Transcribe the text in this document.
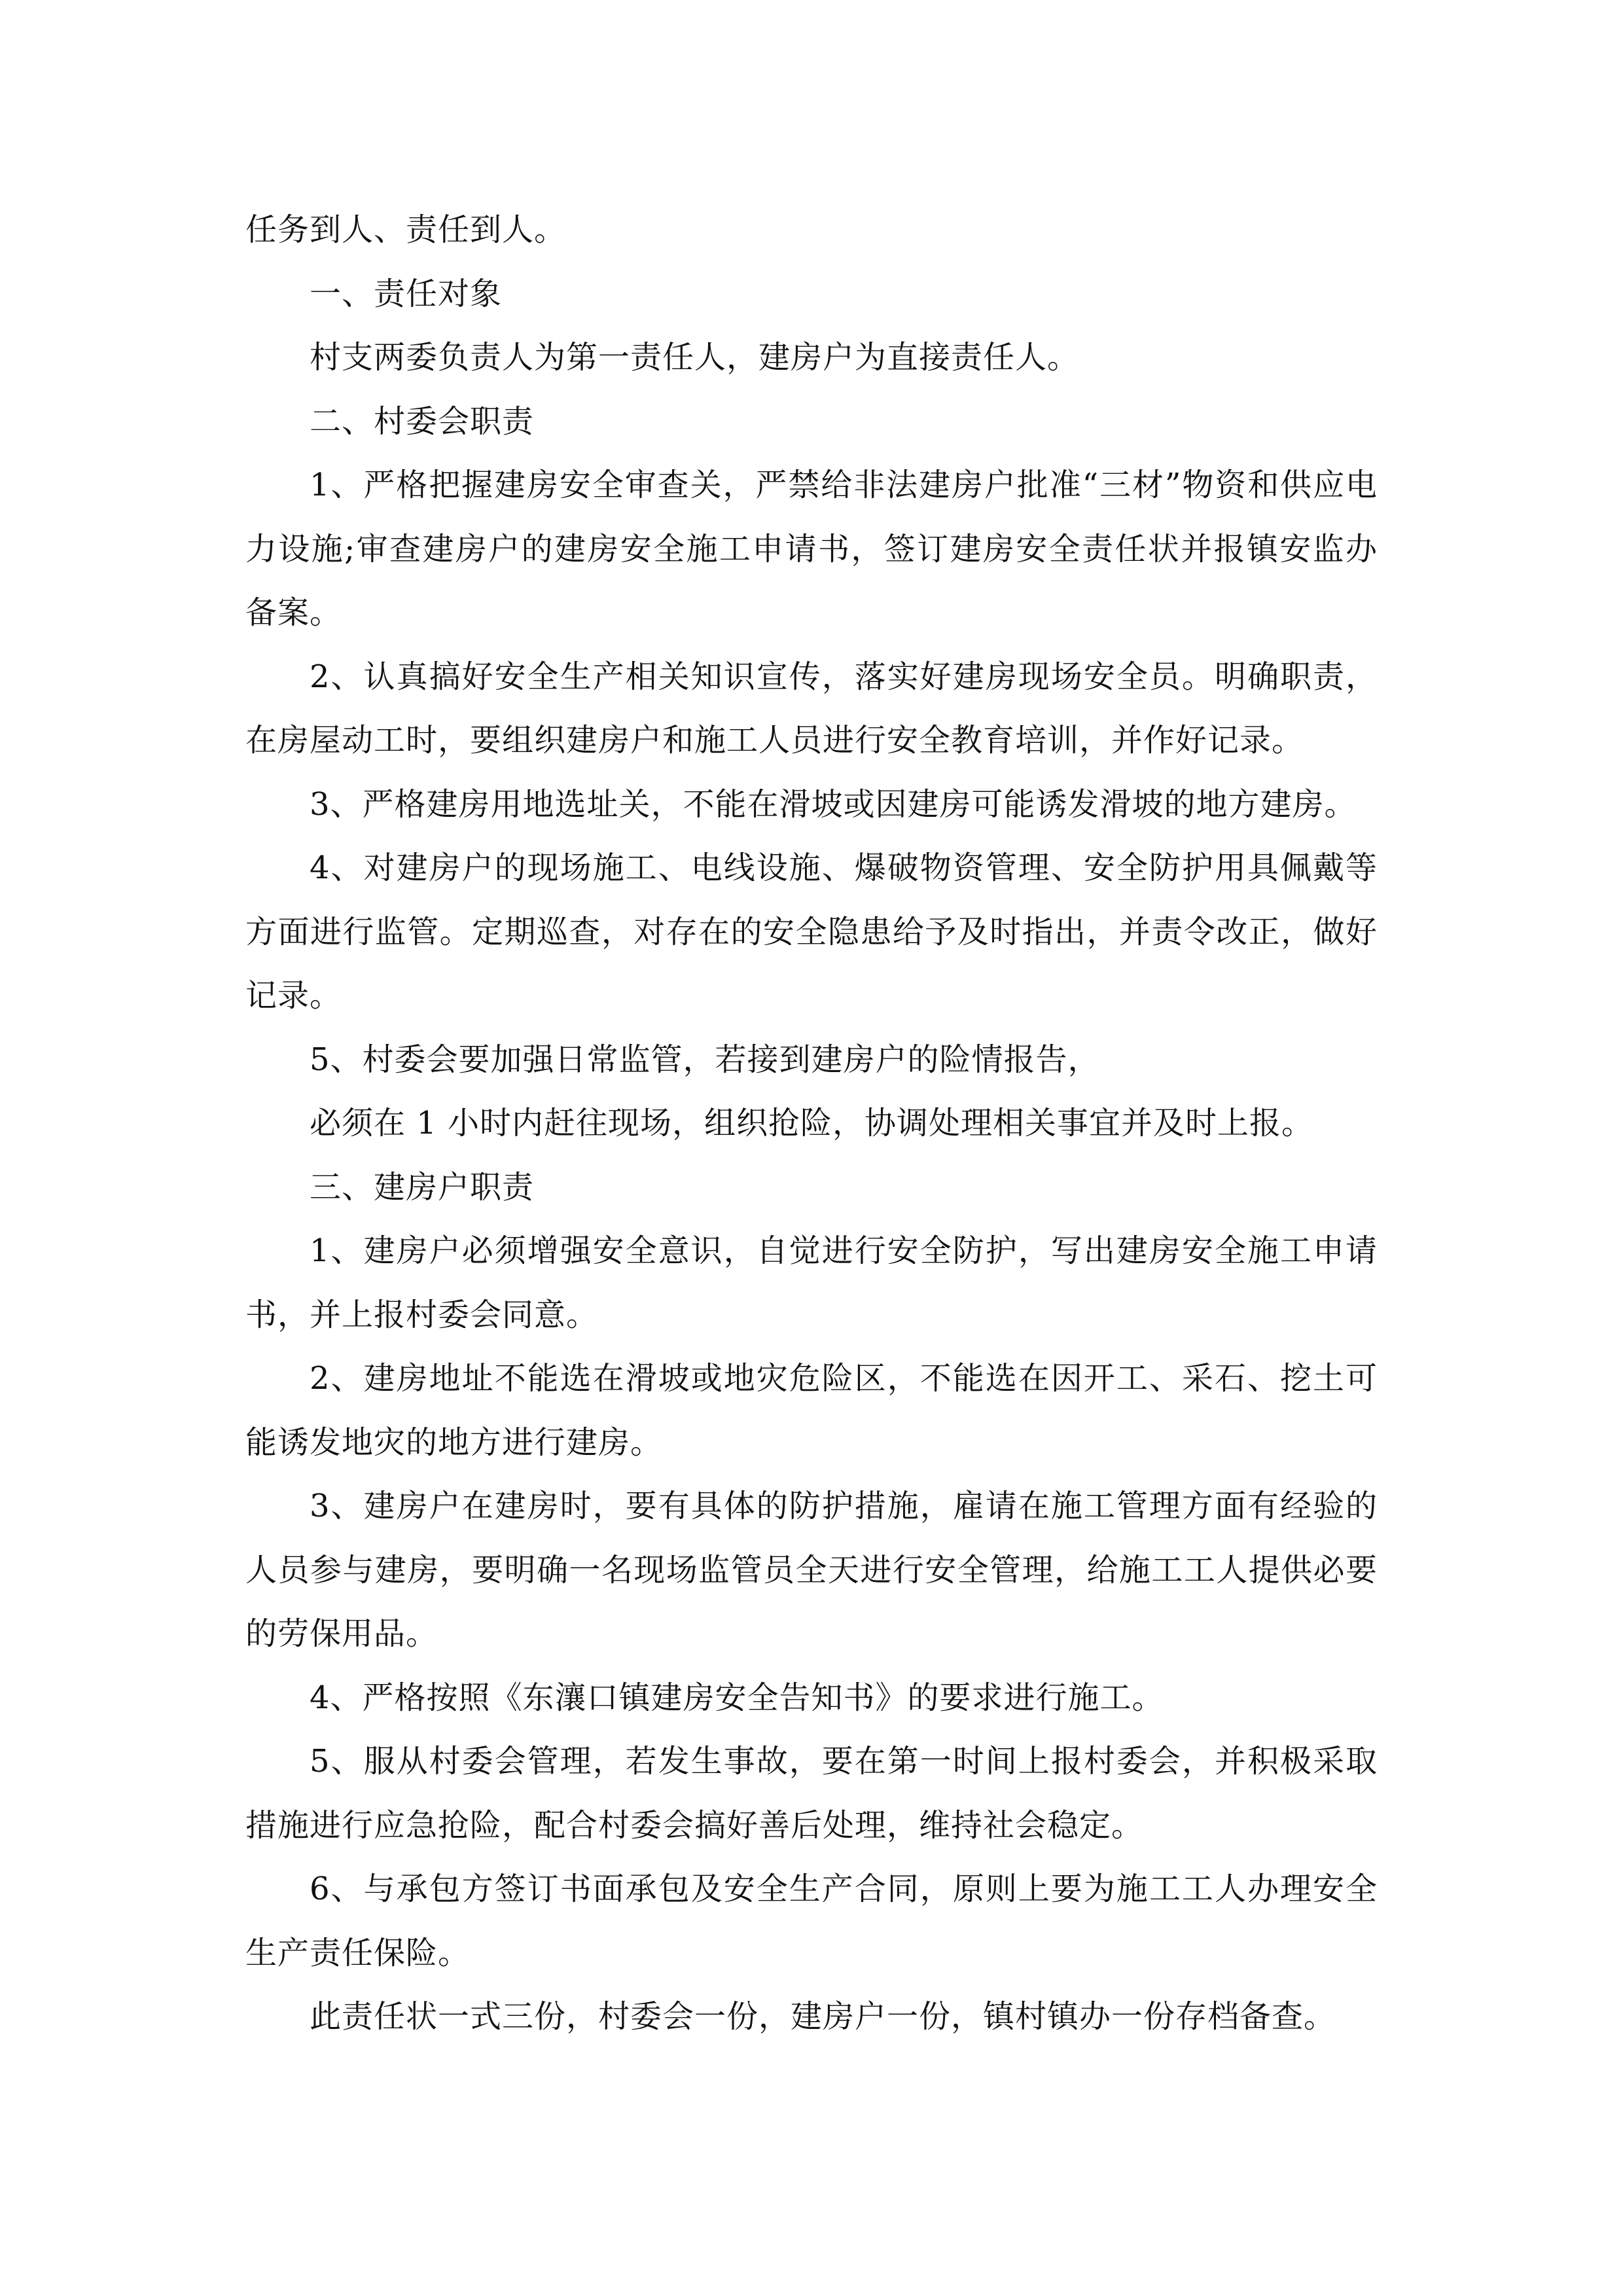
任务到人、责任到人。

一、责任对象

村支两委负责人为第一责任人，建房户为直接责任人。

二、村委会职责

1、严格把握建房安全审查关，严禁给非法建房户批准“三材”物资和供应电力设施;审查建房户的建房安全施工申请书，签订建房安全责任状并报镇安监办备案。

2、认真搞好安全生产相关知识宣传，落实好建房现场安全员。明确职责，在房屋动工时，要组织建房户和施工人员进行安全教育培训，并作好记录。

3、严格建房用地选址关，不能在滑坡或因建房可能诱发滑坡的地方建房。

4、对建房户的现场施工、电线设施、爆破物资管理、安全防护用具佩戴等方面进行监管。定期巡查，对存在的安全隐患给予及时指出，并责令改正，做好记录。

5、村委会要加强日常监管，若接到建房户的险情报告，

必须在 1 小时内赶往现场，组织抢险，协调处理相关事宜并及时上报。

三、建房户职责

1、建房户必须增强安全意识，自觉进行安全防护，写出建房安全施工申请书，并上报村委会同意。

2、建房地址不能选在滑坡或地灾危险区，不能选在因开工、采石、挖土可能诱发地灾的地方进行建房。

3、建房户在建房时，要有具体的防护措施，雇请在施工管理方面有经验的人员参与建房，要明确一名现场监管员全天进行安全管理，给施工工人提供必要的劳保用品。

4、严格按照《东瀼口镇建房安全告知书》的要求进行施工。

5、服从村委会管理，若发生事故，要在第一时间上报村委会，并积极采取措施进行应急抢险，配合村委会搞好善后处理，维持社会稳定。

6、与承包方签订书面承包及安全生产合同，原则上要为施工工人办理安全生产责任保险。

此责任状一式三份，村委会一份，建房户一份，镇村镇办一份存档备查。
